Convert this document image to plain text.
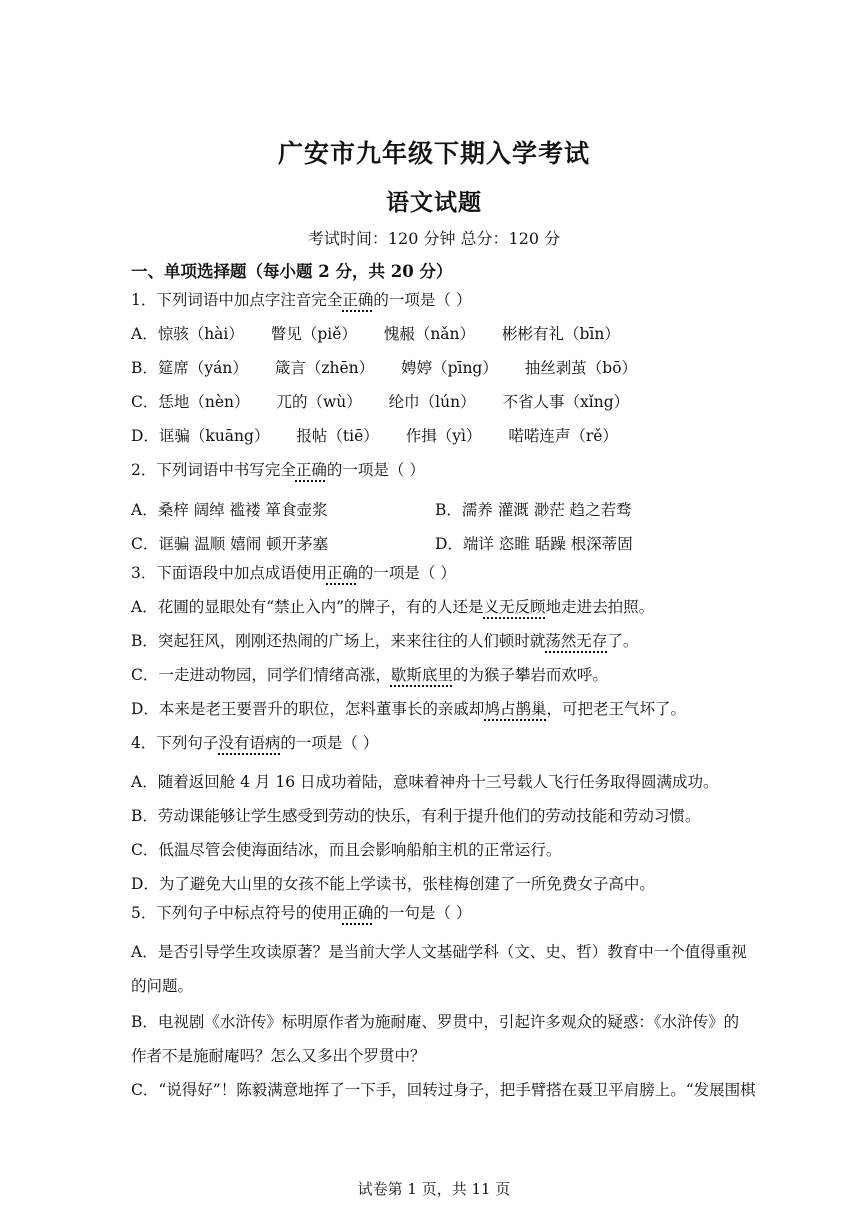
广安市九年级下期入学考试
语文试题
考试时间：120 分钟 总分：120 分
一、单项选择题（每小题 2 分，共 20 分）
1．下列词语中加点字注音完全正确的一项是（ ）
A．惊骇（hài） 瞥见（piě） 愧赧（nǎn） 彬彬有礼（bīn）
B．筵席（yán） 箴言（zhēn） 娉婷（pīng） 抽丝剥茧（bō）
C．恁地（nèn） 兀的（wù） 纶巾（lún） 不省人事（xǐng）
D．诓骗（kuāng） 报帖（tiē） 作揖（yì） 喏喏连声（rě）
2．下列词语中书写完全正确的一项是（ ）
A．桑梓 阔绰 褴褛 箪食壶浆	B．濡养 灌溉 渺茫 趋之若骛
C．诓骗 温顺 嬉闹 顿开茅塞	D．端详 恣睢 聒躁 根深蒂固
3．下面语段中加点成语使用正确的一项是（ ）
A．花圃的显眼处有“禁止入内”的牌子，有的人还是义无反顾地走进去拍照。
B．突起狂风，刚刚还热闹的广场上，来来往往的人们顿时就荡然无存了。
C．一走进动物园，同学们情绪高涨，歇斯底里的为猴子攀岩而欢呼。
D．本来是老王要晋升的职位，怎料董事长的亲戚却鸠占鹊巢，可把老王气坏了。
4．下列句子没有语病的一项是（ ）
A．随着返回舱 4 月 16 日成功着陆，意味着神舟十三号载人飞行任务取得圆满成功。
B．劳动课能够让学生感受到劳动的快乐，有利于提升他们的劳动技能和劳动习惯。
C．低温尽管会使海面结冰，而且会影响船舶主机的正常运行。
D．为了避免大山里的女孩不能上学读书，张桂梅创建了一所免费女子高中。
5．下列句子中标点符号的使用正确的一句是（ ）
A．是否引导学生攻读原著？是当前大学人文基础学科（文、史、哲）教育中一个值得重视
的问题。
B．电视剧《水浒传》标明原作者为施耐庵、罗贯中，引起许多观众的疑惑：《水浒传》的
作者不是施耐庵吗？怎么又多出个罗贯中？
C．“说得好”！陈毅满意地挥了一下手，回转过身子，把手臂搭在聂卫平肩膀上。“发展围棋
试卷第 1 页，共 11 页
